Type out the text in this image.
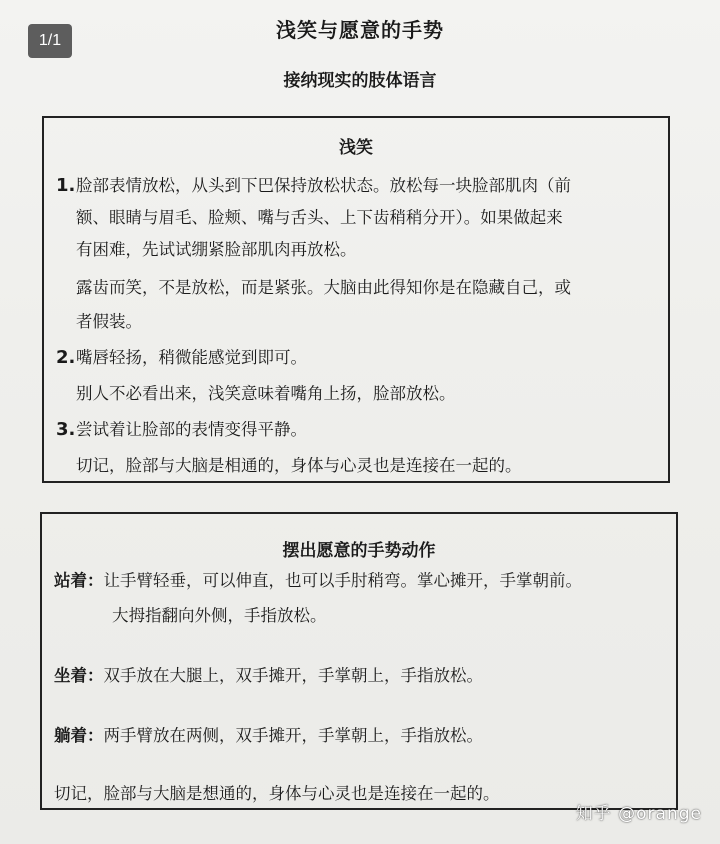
1/1	浅笑与愿意的手势
接纳现实的肢体语言
浅笑
1.脸部表情放松，从头到下巴保持放松状态。放松每一块脸部肌肉（前
额、眼睛与眉毛、脸颊、嘴与舌头、上下齿稍稍分开）。如果做起来
有困难，先试试绷紧脸部肌肉再放松。
露齿而笑，不是放松，而是紧张。大脑由此得知你是在隐藏自己，或
者假装。
2.嘴唇轻扬，稍微能感觉到即可。
别人不必看出来，浅笑意味着嘴角上扬，脸部放松。
3.尝试着让脸部的表情变得平静。
切记，脸部与大脑是相通的，身体与心灵也是连接在一起的。
摆出愿意的手势动作
站着：让手臂轻垂，可以伸直，也可以手肘稍弯。掌心摊开，手掌朝前。
大拇指翻向外侧，手指放松。
坐着：双手放在大腿上，双手摊开，手掌朝上，手指放松。
躺着：两手臂放在两侧，双手摊开，手掌朝上，手指放松。
切记，脸部与大脑是想通的，身体与心灵也是连接在一起的。
知乎 @orange
